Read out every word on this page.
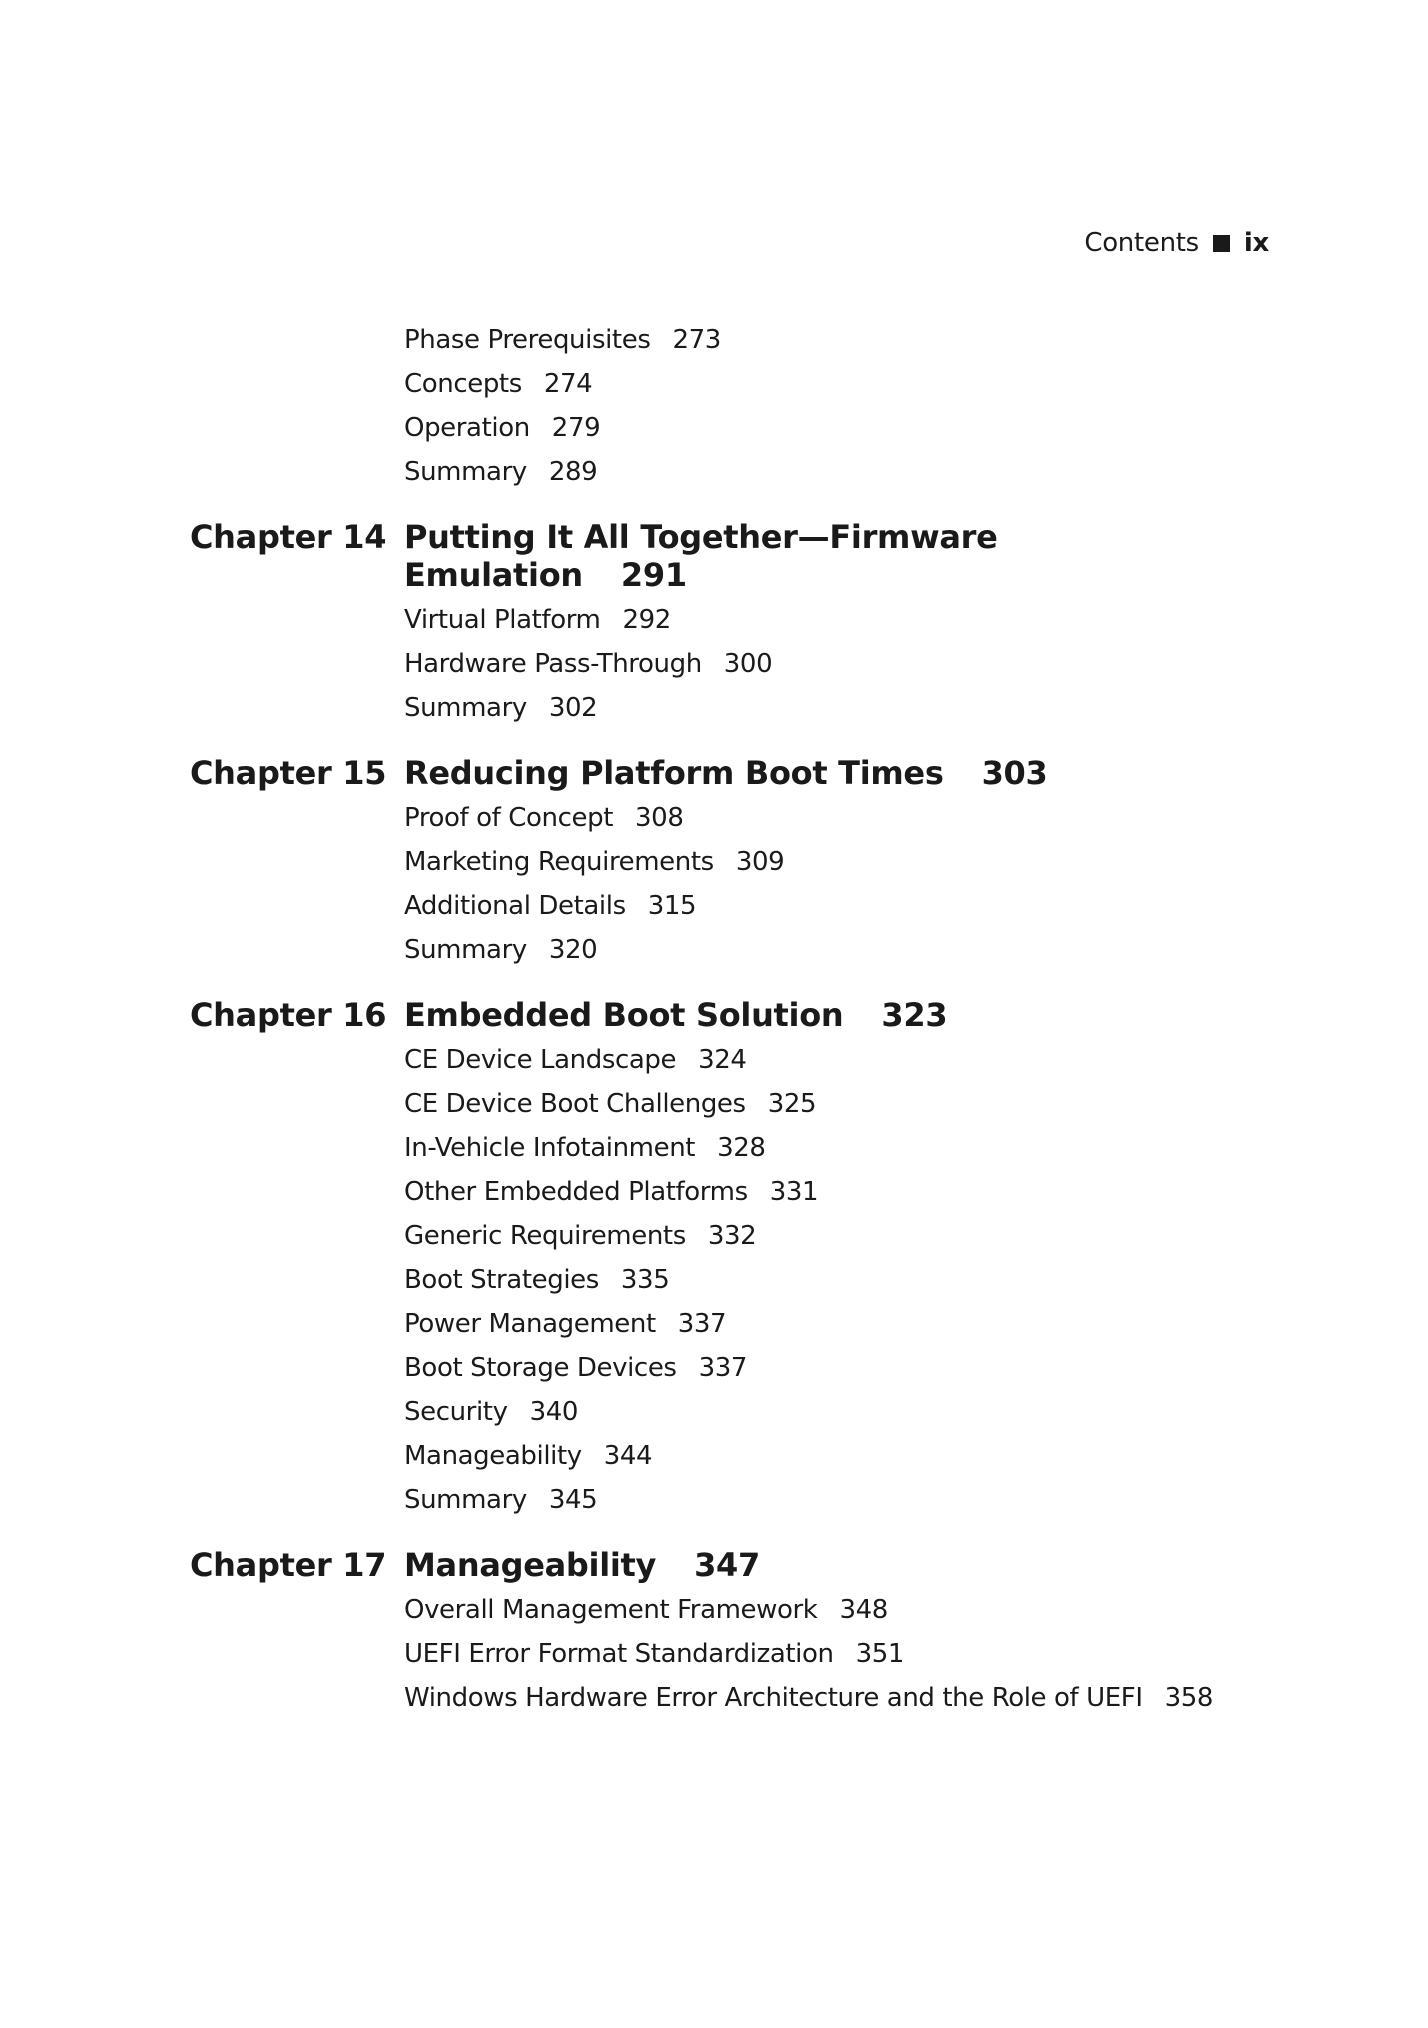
Contents ix
Phase Prerequisites 273
Concepts 274
Operation 279
Summary 289
Chapter 14 Putting It All Together—Firmware
Emulation 291
Virtual Platform 292
Hardware Pass-Through 300
Summary 302
Chapter 15 Reducing Platform Boot Times 303
Proof of Concept 308
Marketing Requirements 309
Additional Details 315
Summary 320
Chapter 16 Embedded Boot Solution 323
CE Device Landscape 324
CE Device Boot Challenges 325
In-Vehicle Infotainment 328
Other Embedded Platforms 331
Generic Requirements 332
Boot Strategies 335
Power Management 337
Boot Storage Devices 337
Security 340
Manageability 344
Summary 345
Chapter 17 Manageability 347
Overall Management Framework 348
UEFI Error Format Standardization 351
Windows Hardware Error Architecture and the Role of UEFI 358
